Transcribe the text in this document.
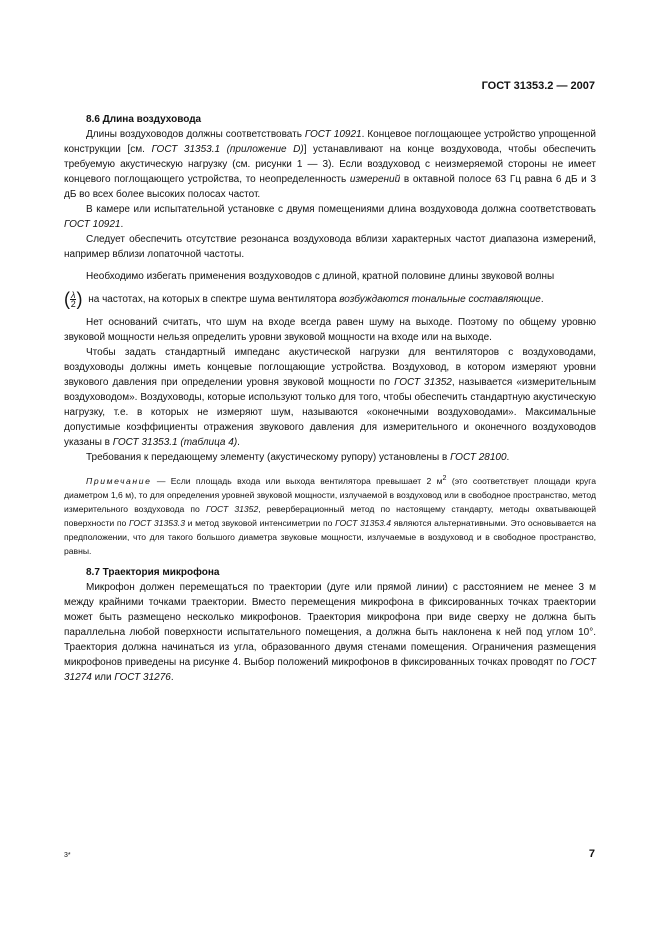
ГОСТ 31353.2 — 2007
8.6 Длина воздуховода

Длины воздуховодов должны соответствовать ГОСТ 10921. Концевое поглощающее устройство упрощенной конструкции [см. ГОСТ 31353.1 (приложение D)] устанавливают на конце воздуховода, чтобы обеспечить требуемую акустическую нагрузку (см. рисунки 1 — 3). Если воздуховод с неизмеряемой стороны не имеет концевого поглощающего устройства, то неопределенность измерений в октавной полосе 63 Гц равна 6 дБ и 3 дБ во всех более высоких полосах частот.

В камере или испытательной установке с двумя помещениями длина воздуховода должна соответствовать ГОСТ 10921.

Следует обеспечить отсутствие резонанса воздуховода вблизи характерных частот диапазона измерений, например вблизи лопаточной частоты.

Необходимо избегать применения воздуховодов с длиной, кратной половине длины звуковой волны

( $\frac{\lambda}{2}$ ) на частотах, на которых в спектре шума вентилятора возбуждаются тональные составляющие.

Нет оснований считать, что шум на входе всегда равен шуму на выходе. Поэтому по общему уровню звуковой мощности нельзя определить уровни звуковой мощности на входе или на выходе.

Чтобы задать стандартный импеданс акустической нагрузки для вентиляторов с воздуховодами, воздуховоды должны иметь концевые поглощающие устройства. Воздуховод, в котором измеряют уровни звукового давления при определении уровня звуковой мощности по ГОСТ 31352, называется «измерительным воздуховодом». Воздуховоды, которые используют только для того, чтобы обеспечить стандартную акустическую нагрузку, т.е. в которых не измеряют шум, называются «оконечными воздуховодами». Максимальные допустимые коэффициенты отражения звукового давления для измерительного и оконечного воздуховодов указаны в ГОСТ 31353.1 (таблица 4).

Требования к передающему элементу (акустическому рупору) установлены в ГОСТ 28100.

Примечание — Если площадь входа или выхода вентилятора превышает 2 $м^2$ (это соответствует площади круга диаметром 1,6 м), то для определения уровней звуковой мощности, излучаемой в воздуховод или в свободное пространство, метод измерительного воздуховода по ГОСТ 31352, реверберационный метод по настоящему стандарту, методы охватывающей поверхности по ГОСТ 31353.3 и метод звуковой интенсиметрии по ГОСТ 31353.4 являются альтернативными. Это основывается на предположении, что для такого большого диаметра звуковые мощности, излучаемые в воздуховод и в свободное пространство, равны.

8.7 Траектория микрофона

Микрофон должен перемещаться по траектории (дуге или прямой линии) с расстоянием не менее 3 м между крайними точками траектории. Вместо перемещения микрофона в фиксированных точках траектории может быть размещено несколько микрофонов. Траектория микрофона при виде сверху не должна быть параллельна любой поверхности испытательного помещения, а должна быть наклонена к ней под углом 10°. Траектория должна начинаться из угла, образованного двумя стенами помещения. Ограничения размещения микрофонов приведены на рисунке 4. Выбор положений микрофонов в фиксированных точках проводят по ГОСТ 31274 или ГОСТ 31276.

3*	7
